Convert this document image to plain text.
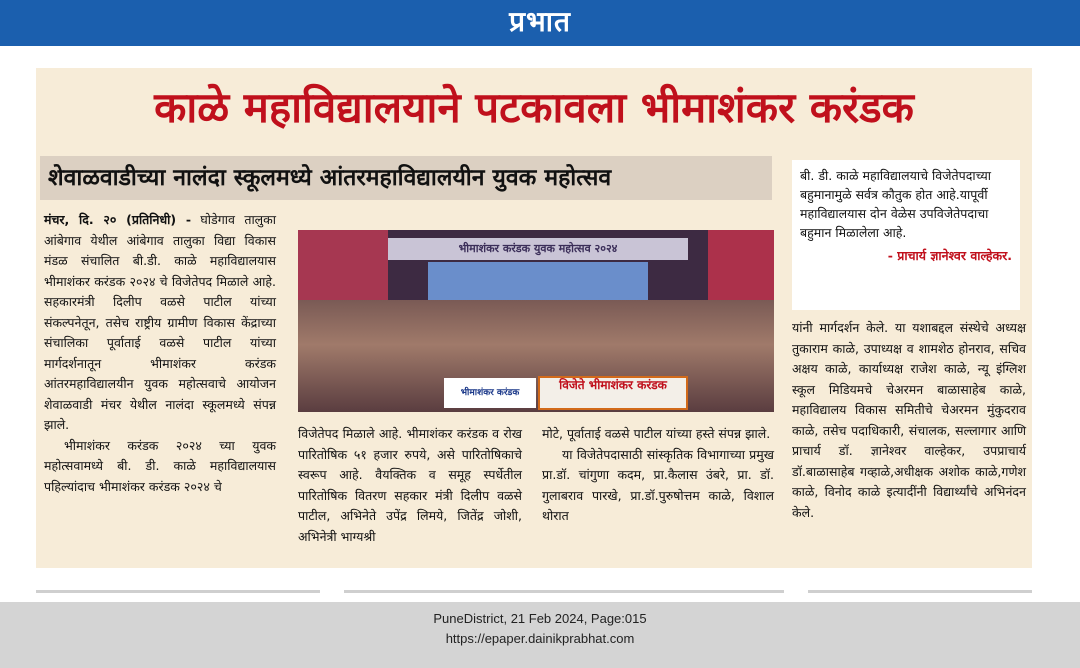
प्रभात
काळे महाविद्यालयाने पटकावला भीमाशंकर करंडक
शेवाळवाडीच्या नालंदा स्कूलमध्ये आंतरमहाविद्यालयीन युवक महोत्सव
मंचर, दि. २० (प्रतिनिधी) - घोडेगाव तालुका आंबेगाव येथील आंबेगाव तालुका विद्या विकास मंडळ संचालित बी.डी. काळे महाविद्यालयास भीमाशंकर करंडक २०२४ चे विजेतेपद मिळाले आहे. सहकारमंत्री दिलीप वळसे पाटील यांच्या संकल्पनेतून, तसेच राष्ट्रीय ग्रामीण विकास केंद्राच्या संचालिका पूर्वाताई वळसे पाटील यांच्या मार्गदर्शनातून भीमाशंकर करंडक आंतरमहाविद्यालयीन युवक महोत्सवाचे आयोजन शेवाळवाडी मंचर येथील नालंदा स्कूलमध्ये संपन्न झाले.
भीमाशंकर करंडक २०२४ च्या युवक महोत्सवामध्ये बी. डी. काळे महाविद्यालयास पहिल्यांदाच भीमाशंकर करंडक २०२४ चे
भीमाशंकर करंडक युवक महोत्सव २०२४
भीमाशंकर करंडक
विजेते भीमाशंकर करंडक
विजेतेपद मिळाले आहे. भीमाशंकर करंडक व रोख पारितोषिक ५१ हजार रुपये, असे पारितोषिकाचे स्वरूप आहे. वैयक्तिक व समूह स्पर्धेतील पारितोषिक वितरण सहकार मंत्री दिलीप वळसे पाटील, अभिनेते उपेंद्र लिमये, जितेंद्र जोशी, अभिनेत्री भाग्यश्री
मोटे, पूर्वाताई वळसे पाटील यांच्या हस्ते संपन्न झाले.
या विजेतेपदासाठी सांस्कृतिक विभागाच्या प्रमुख प्रा.डॉ. चांगुणा कदम, प्रा.कैलास उंबरे, प्रा. डॉ. गुलाबराव पारखे, प्रा.डॉ.पुरुषोत्तम काळे, विशाल थोरात
बी. डी. काळे महाविद्यालयाचे विजेतेपदाच्या बहुमानामुळे सर्वत्र कौतुक होत आहे.यापूर्वी महाविद्यालयास दोन वेळेस उपविजेतेपदाचा बहुमान मिळालेला आहे.
- प्राचार्य ज्ञानेश्वर वाल्हेकर.
यांनी मार्गदर्शन केले. या यशाबद्दल संस्थेचे अध्यक्ष तुकाराम काळे, उपाध्यक्ष व शामशेठ होनराव, सचिव अक्षय काळे, कार्याध्यक्ष राजेश काळे, न्यू इंग्लिश स्कूल मिडियमचे चेअरमन बाळासाहेब काळे, महाविद्यालय विकास समितीचे चेअरमन मुंकुदराव काळे, तसेच पदाधिकारी, संचालक, सल्लागार आणि प्राचार्य डॉ. ज्ञानेश्वर वाल्हेकर, उपप्राचार्य डॉ.बाळासाहेब गव्हाळे,अधीक्षक अशोक काळे,गणेश काळे, विनोद काळे इत्यादींनी विद्यार्थ्यांचे अभिनंदन केले.
PuneDistrict, 21 Feb 2024, Page:015
https://epaper.dainikprabhat.com
